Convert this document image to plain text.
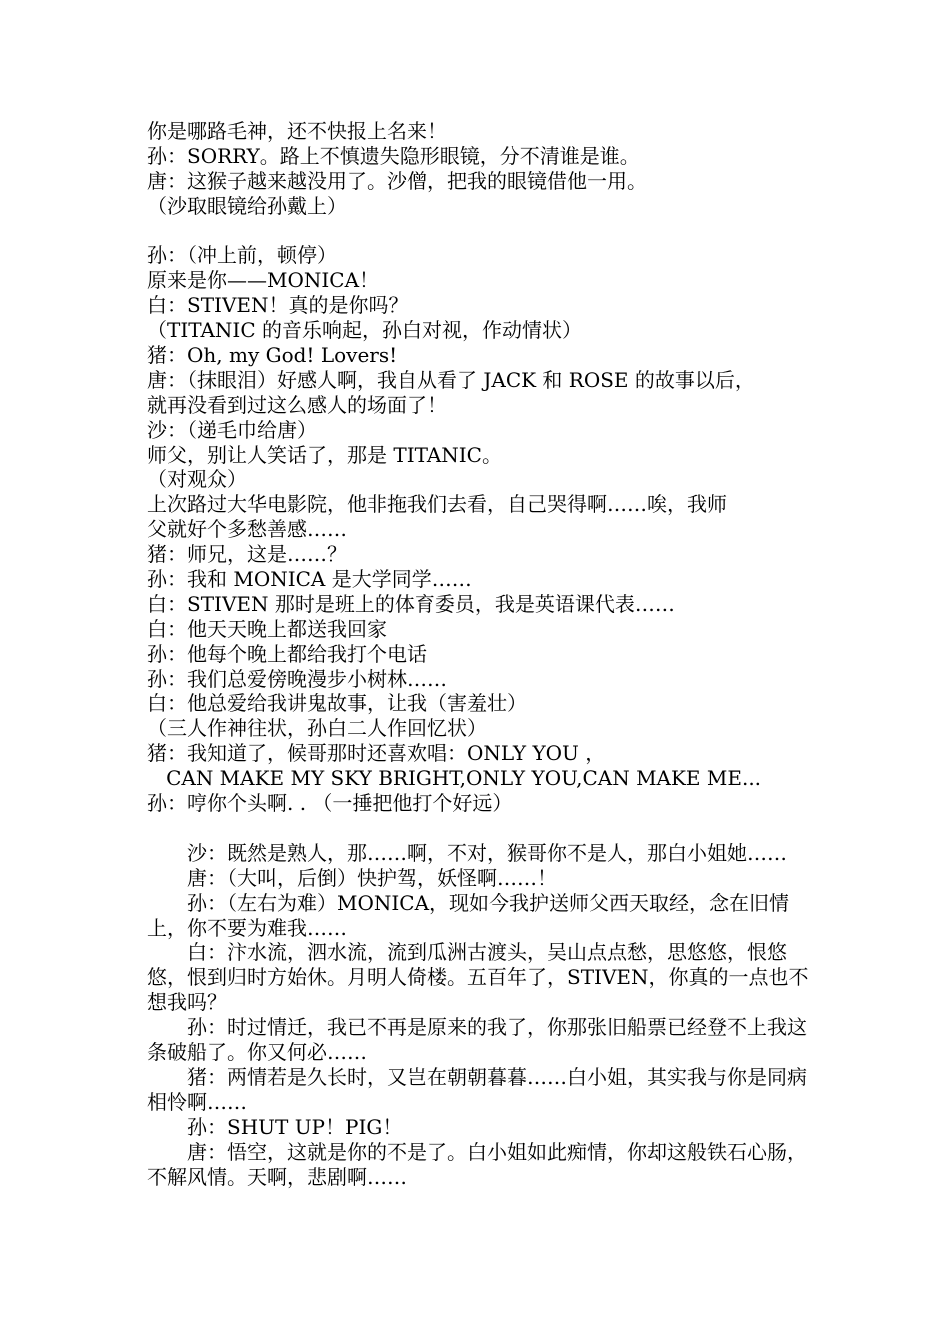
你是哪路毛神，还不快报上名来！
孙：SORRY。路上不慎遗失隐形眼镜，分不清谁是谁。
唐：这猴子越来越没用了。沙僧，把我的眼镜借他一用。
（沙取眼镜给孙戴上）
孙：（冲上前，顿停）
原来是你——MONICA！
白：STIVEN！真的是你吗？
（TITANIC 的音乐响起，孙白对视，作动情状）
猪：Oh, my God! Lovers!
唐：（抹眼泪）好感人啊，我自从看了 JACK 和 ROSE 的故事以后，
就再没看到过这么感人的场面了！
沙：（递毛巾给唐）
师父，别让人笑话了，那是 TITANIC。
（对观众）
上次路过大华电影院，他非拖我们去看，自己哭得啊……唉，我师
父就好个多愁善感……
猪：师兄，这是……？
孙：我和 MONICA 是大学同学……
白：STIVEN 那时是班上的体育委员，我是英语课代表……
白：他天天晚上都送我回家
孙：他每个晚上都给我打个电话
孙：我们总爱傍晚漫步小树林……
白：他总爱给我讲鬼故事，让我（害羞壮）
（三人作神往状，孙白二人作回忆状）
猪：我知道了，候哥那时还喜欢唱：ONLY YOU ，
CAN MAKE MY SKY BRIGHT,ONLY YOU,CAN MAKE ME...
孙：哼你个头啊. . （一捶把他打个好远）

沙：既然是熟人，那……啊，不对，猴哥你不是人，那白小姐她……

唐：（大叫，后倒）快护驾，妖怪啊……！

孙：（左右为难）MONICA，现如今我护送师父西天取经，念在旧情上，你不要为难我……

白：汴水流，泗水流，流到瓜洲古渡头，吴山点点愁，思悠悠，恨悠悠，恨到归时方始休。月明人倚楼。五百年了，STIVEN，你真的一点也不想我吗？

孙：时过情迁，我已不再是原来的我了，你那张旧船票已经登不上我这条破船了。你又何必……

猪：两情若是久长时，又岂在朝朝暮暮……白小姐，其实我与你是同病相怜啊……

孙：SHUT UP！PIG！

唐：悟空，这就是你的不是了。白小姐如此痴情，你却这般铁石心肠，不解风情。天啊，悲剧啊……
